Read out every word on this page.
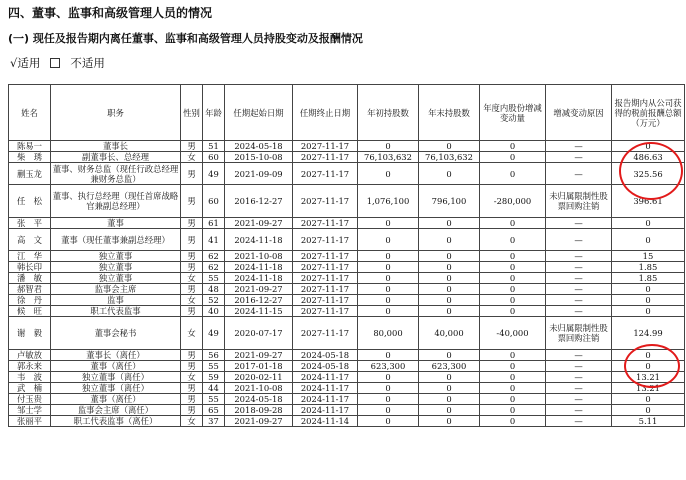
四、董事、监事和高级管理人员的情况
(一) 现任及报告期内离任董事、监事和高级管理人员持股变动及报酬情况
√适用	不适用
姓名	职务	性别	年龄	任期起始日期	任期终止日期	年初持股数	年末持股数	年度内股份增减变动量	增减变动原因	报告期内从公司获得的税前报酬总额（万元）
陈易一	董事长	男	51	2024-05-18	2027-11-17	0	0	0	—	0
柴　琇	副董事长、总经理	女	60	2015-10-08	2027-11-17	76,103,632	76,103,632	0	—	486.63
蒯玉龙	董事、财务总监（现任行政总经理兼财务总监）	男	49	2021-09-09	2027-11-17	0	0	0	—	325.56
任　松	董事、执行总经理（现任首席战略官兼副总经理）	男	60	2016-12-27	2027-11-17	1,076,100	796,100	-280,000	未归属限制性股票回购注销	396.61
张　平	董事	男	61	2021-09-27	2027-11-17	0	0	0	—	0
高　文	董事（现任董事兼副总经理）	男	41	2024-11-18	2027-11-17	0	0	0	—	0
江　华	独立董事	男	62	2021-10-08	2027-11-17	0	0	0	—	15
韩长印	独立董事	男	62	2024-11-18	2027-11-17	0	0	0	—	1.85
潘　敏	独立董事	女	55	2024-11-18	2027-11-17	0	0	0	—	1.85
郝智君	监事会主席	男	48	2021-09-27	2027-11-17	0	0	0	—	0
徐　丹	监事	女	52	2016-12-27	2027-11-17	0	0	0	—	0
候　旺	职工代表监事	男	40	2024-11-15	2027-11-17	0	0	0	—	0
谢　毅	董事会秘书	女	49	2020-07-17	2027-11-17	80,000	40,000	-40,000	未归属限制性股票回购注销	124.99
卢敏放	董事长（离任）	男	56	2021-09-27	2024-05-18	0	0	0	—	0
郭永来	董事（离任）	男	55	2017-01-18	2024-05-18	623,300	623,300	0	—	0
韦　波	独立董事（离任）	女	59	2020-02-11	2024-11-17	0	0	0	—	13.21
武　楠	独立董事（离任）	男	44	2021-10-08	2024-11-17	0	0	0	—	13.21
付玉贵	董事（离任）	男	55	2024-05-18	2024-11-17	0	0	0	—	0
邹士学	监事会主席（离任）	男	65	2018-09-28	2024-11-17	0	0	0	—	0
张丽平	职工代表监事（离任）	女	37	2021-09-27	2024-11-14	0	0	0	—	5.11
